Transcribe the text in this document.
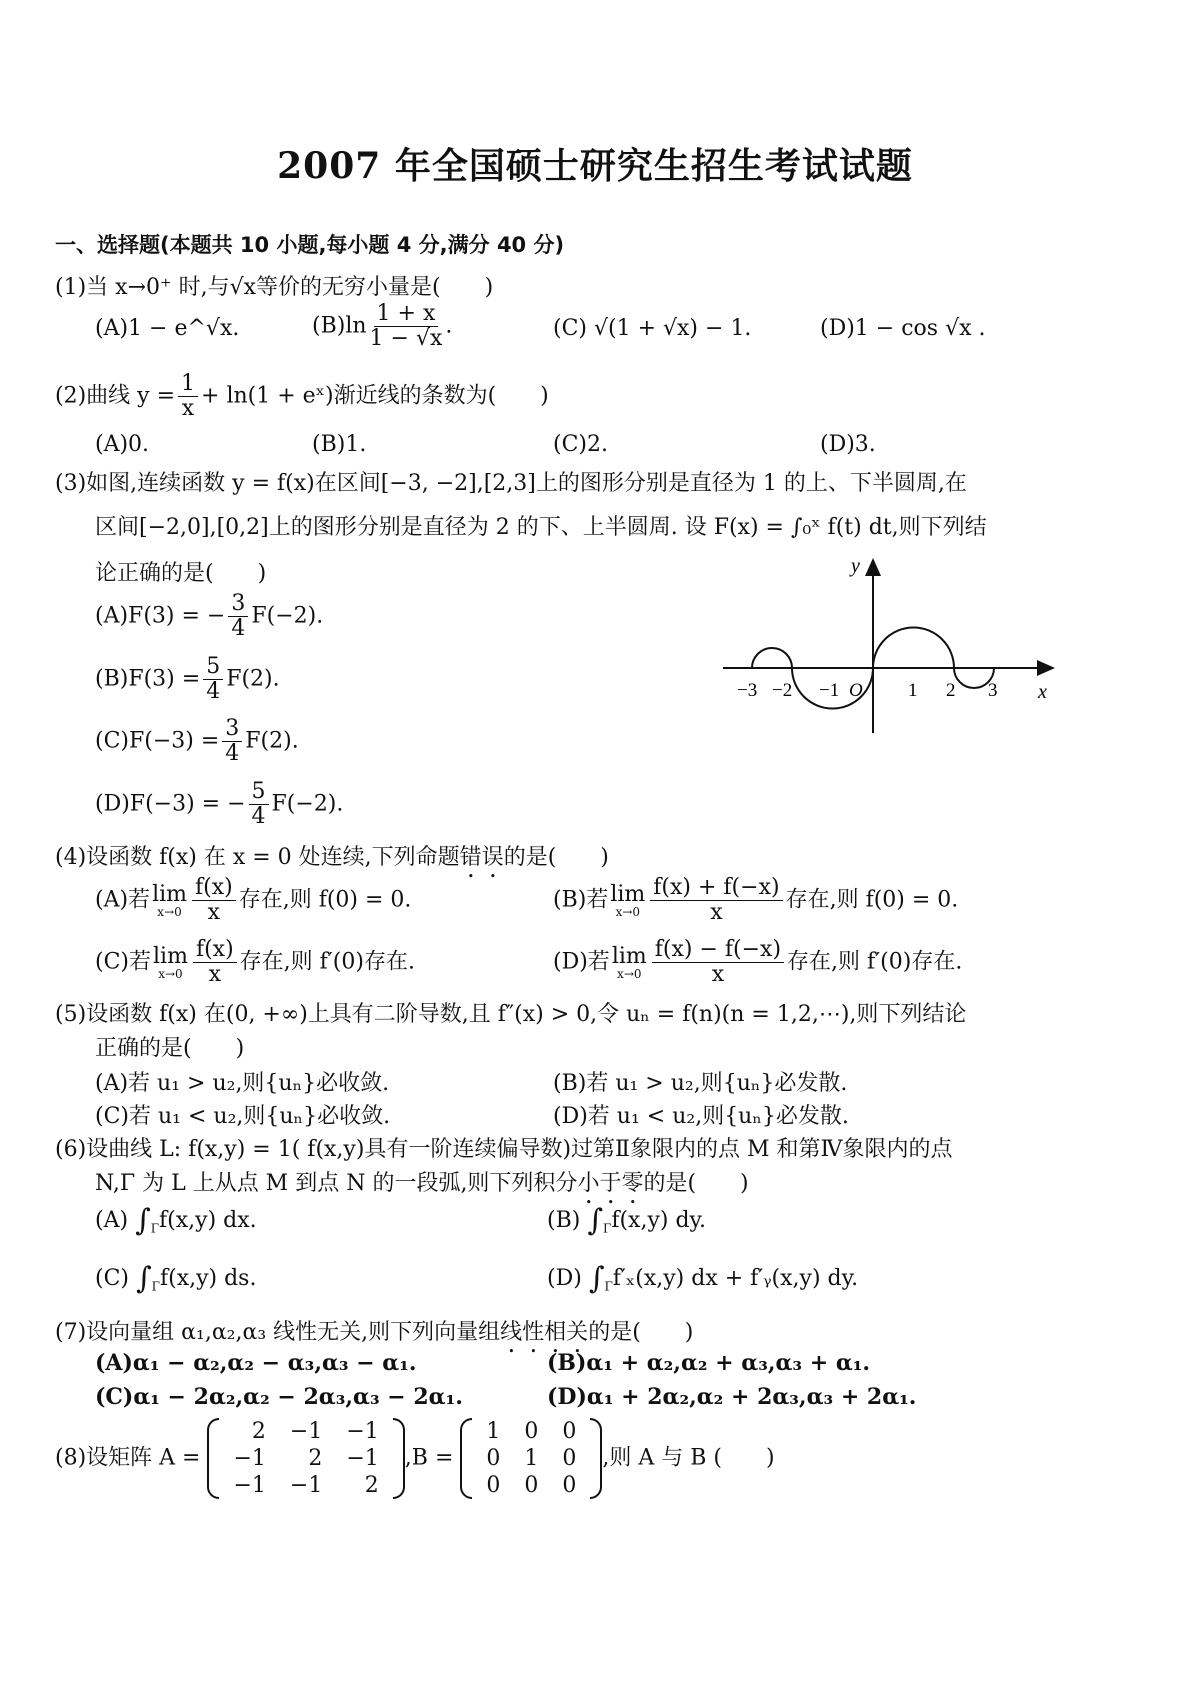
2007 年全国硕士研究生招生考试试题
一、选择题(本题共 10 小题,每小题 4 分,满分 40 分)
(1)当 x→0⁺ 时,与√x等价的无穷小量是(　　)
(A)1 − e^√x.	$(B)\ln \frac{1 + x}{1 - √x}$ .	(C) √(1 + √x) − 1.	(D)1 − cos √x .
(2)曲线 $y = \frac{1}{x} + \ln(1$ + eˣ)渐近线的条数为(　　)
(A)0.	(B)1.	(C)2.	(D)3.
(3)如图,连续函数 y = f(x)在区间[−3, −2],[2,3]上的图形分别是直径为 1 的上、下半圆周,在
区间[−2,0],[0,2]上的图形分别是直径为 2 的下、上半圆周. 设 F(x) = ∫₀ˣ f(t) dt,则下列结
论正确的是(　　)
(A)F(3) = − $\frac{3}{4} F(-2)$.
$(B)F(3) = \frac{5}{4} F(2)$.
$(C)F(-3) = \frac{3}{4} F(2)$.
(D)F(−3) = − $\frac{5}{4} F(-2)$.
x
y
O
−3 −2 −1	1 2 3
(4)设函数 f(x) 在 x = 0 处连续,下列命题错误的是(　　)
(A)若 lim
$x\to 0 \frac{f(x)}{x}$ 存在,则 f(0) = 0.	(B)若 lim
$x\to 0 \frac{f(x) + f(-x)}{x}$ 存在,则 f(0) = 0.
(C)若 lim
$x\to 0 \frac{f(x)}{x}$ 存在,则 f′(0)存在.	(D)若 lim
$x\to 0 \frac{f(x) - f(-x)}{x}$ 存在,则 f′(0)存在.
(5)设函数 f(x) 在(0, +∞)上具有二阶导数,且 f″(x) > 0,令 uₙ = f(n)(n = 1,2,⋯),则下列结论
正确的是(　　)
(A)若 u₁ > u₂,则{uₙ}必收敛.	(B)若 u₁ > u₂,则{uₙ}必发散.
(C)若 u₁ < u₂,则{uₙ}必收敛.	(D)若 u₁ < u₂,则{uₙ}必发散.
(6)设曲线 L: f(x,y) = 1( f(x,y)具有一阶连续偏导数)过第Ⅱ象限内的点 M 和第Ⅳ象限内的点
N,Γ 为 L 上从点 M 到点 N 的一段弧,则下列积分小于零的是(　　)
(A) $\int_\Gamma f(x,y)$ dx.	(B) $\int_\Gamma f(x,y)$ dy.
(C) $\int_\Gamma f(x,y)$ ds.	(D) $\int_\Gamma f'_x(x,y)$ dx + f′ᵧ(x,y) dy.
(7)设向量组 α₁,α₂,α₃ 线性无关,则下列向量组线性相关的是(　　)
(A)α₁ − α₂,α₂ − α₃,α₃ − α₁.	(B)α₁ + α₂,α₂ + α₃,α₃ + α₁.
(C)α₁ − 2α₂,α₂ − 2α₃,α₃ − 2α₁.	(D)α₁ + 2α₂,α₂ + 2α₃,α₃ + 2α₁.
(8)设矩阵 A =
2	−1	−1
−1	2	−1
−1	−1	2
,B =
1	0	0
0	1	0
0	0	0
,则 A 与 B (　　)
